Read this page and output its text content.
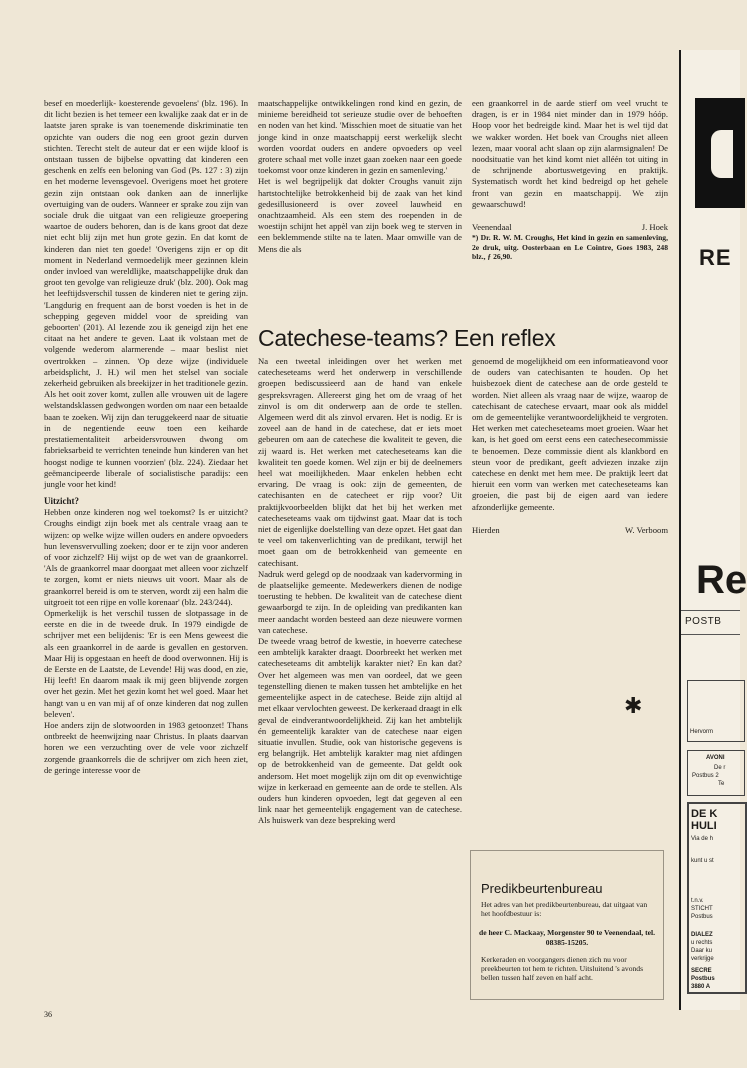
besef en moederlijk- koesterende gevoelens' (blz. 196). In dit licht bezien is het temeer een kwalijke zaak dat er in de laatste jaren sprake is van toenemende diskriminatie ten opzichte van ouders die nog een groot gezin durven stichten. Terecht stelt de auteur dat er een wijde kloof is ontstaan tussen de bijbelse opvatting dat kinderen een geschenk en zelfs een beloning van God (Ps. 127 : 3) zijn en het moderne levensgevoel. Overigens moet het grotere gezin zijn ontstaan ook danken aan de innerlijke overtuiging van de ouders. Wanneer er sprake zou zijn van sociale druk die uitgaat van een religieuze groepering waartoe de ouders behoren, dan is de kans groot dat deze niet echt blij zijn met hun grote gezin. En dat komt de kinderen dan niet ten goede! 'Overigens zijn er op dit moment in Nederland vermoedelijk meer gezinnen klein onder invloed van wereldlijke, maatschappelijke druk dan groot ten gevolge van religieuze druk' (blz. 200). Ook mag het leeftijdsverschil tussen de kinderen niet te gering zijn. 'Langdurig en frequent aan de borst voeden is het in de schepping gegeven middel voor de spreiding van geboorten' (201). Al lezende zou ik geneigd zijn het ene citaat na het andere te geven. Laat ik volstaan met de volgende wederom alarmerende – maar beslist niet overtrokken – zinnen. 'Op deze wijze (individuele arbeidsplicht, J. H.) wil men het stelsel van sociale zekerheid gebruiken als breekijzer in het traditionele gezin. Als het ooit zover komt, zullen alle vrouwen uit de lagere welstandsklassen gedwongen worden om naar een betaalde baan te zoeken. Wij zijn dan teruggekeerd naar de situatie in de negentiende eeuw toen een keiharde prestatiementaliteit arbeidersvrouwen dwong om fabrieksarbeid te verrichten teneinde hun kinderen van het hoogst nodige te kunnen voorzien' (blz. 224). Ziedaar het geëmancipeerde liberale of socialistische paradijs: een jungle voor het kind!

Uitzicht?

Hebben onze kinderen nog wel toekomst? Is er uitzicht? Croughs eindigt zijn boek met als centrale vraag aan te wijzen: op welke wijze willen ouders en andere opvoeders hun levensvervulling zoeken; door er te zijn voor anderen of voor zichzelf? Hij wijst op de wet van de graankorrel. 'Als de graankorrel maar doorgaat met alleen voor zichzelf te zorgen, komt er niets nieuws uit voort. Maar als de graankorrel bereid is om te sterven, wordt zij een halm die uitgroeit tot een rijpe en volle korenaar' (blz. 243/244).

Opmerkelijk is het verschil tussen de slotpassage in de eerste en die in de tweede druk. In 1979 eindigde de schrijver met een belijdenis: 'Er is een Mens geweest die als een graankorrel in de aarde is gevallen en gestorven. Maar Hij is opgestaan en heeft de dood overwonnen. Hij is de Eerste en de Laatste, de Levende! Hij was dood, en zie, Hij leeft! En daarom maak ik mij geen blijvende zorgen over het gezin. Met het gezin komt het wel goed. Maar het hangt van u en van mij af of onze kinderen dat nog zullen beleven'.

Hoe anders zijn de slotwoorden in 1983 getoonzet! Thans ontbreekt de heenwijzing naar Christus. In plaats daarvan horen we een verzuchting over de vele voor zichzelf zorgende graankorrels die de schrijver om zich heen ziet, de geringe interesse voor de

maatschappelijke ontwikkelingen rond kind en gezin, de minieme bereidheid tot serieuze studie over de behoeften en noden van het kind. 'Misschien moet de situatie van het jonge kind in onze maatschappij eerst werkelijk slecht worden voordat ouders en andere opvoeders op veel grotere schaal met volle inzet gaan zoeken naar een goede toekomst voor onze kinderen in gezin en samenleving.'

Het is wel begrijpelijk dat dokter Croughs vanuit zijn hartstochtelijke betrokkenheid bij de zaak van het kind gedesillusioneerd is over zoveel lauwheid en onachtzaamheid. Als een stem des roependen in de woestijn schijnt het appèl van zijn boek weg te sterven in een beklemmende stilte na te laten. Maar omwille van de Mens die als

een graankorrel in de aarde stierf om veel vrucht te dragen, is er in 1984 niet minder dan in 1979 hóóp. Hoop voor het bedreigde kind. Maar het is wel tijd dat we wakker worden. Het boek van Croughs niet alleen lezen, maar vooral acht slaan op zijn alarmsignalen! De noodsituatie van het kind komt niet alléén tot uiting in de schrijnende abortuswetgeving en praktijk. Systematisch wordt het kind bedreigd op het gehele front van gezin en maatschappij. We zijn gewaarschuwd!

Veenendaal	J. Hoek

*) Dr. R. W. M. Croughs, Het kind in gezin en samenleving, 2e druk, uitg. Oosterbaan en Le Cointre, Goes 1983, 248 blz., ƒ 26,90.

Catechese-teams? Een reflex

Na een tweetal inleidingen over het werken met catecheseteams werd het onderwerp in verschillende groepen bediscussieerd aan de hand van enkele gespreksvragen. Allereerst ging het om de vraag of het zinvol is om dit onderwerp aan de orde te stellen. Algemeen werd dit als zinvol ervaren. Het is nodig. Er is zoveel aan de hand in de catechese, dat er iets moet gebeuren om aan de catechese die kwaliteit te geven, die zij waard is. Het werken met catecheseteams kan die kwaliteit ten goede komen. Wel zijn er bij de deelnemers heel wat moeilijkheden. Maar enkelen hebben echt ervaring. De vraag is ook: zijn de gemeenten, de catechisanten en de catecheet er rijp voor? Uit praktijkvoorbeelden blijkt dat het bij het werken met catecheseteams vaak om tijdwinst gaat. Maar dat is toch niet de eigenlijke doelstelling van deze opzet. Het gaat dan te veel om takenverlichting van de predikant, terwijl het moet gaan om de betrokkenheid van gemeente en catechisant.

Nadruk werd gelegd op de noodzaak van kadervorming in de plaatselijke gemeente. Medewerkers dienen de nodige toerusting te hebben. De kwaliteit van de catechese dient gewaarborgd te zijn. In de opleiding van predikanten kan meer aandacht worden besteed aan deze nieuwere vormen van catechese.

De tweede vraag betrof de kwestie, in hoeverre catechese een ambtelijk karakter draagt. Doorbreekt het werken met catecheseteams dit ambtelijk karakter niet? En kan dat? Over het algemeen was men van oordeel, dat we geen tegenstelling dienen te maken tussen het ambtelijke en het gemeentelijke aspect in de catechese. Beide zijn altijd al met elkaar vervlochten geweest. De kerkeraad draagt in elk geval de eindverantwoordelijkheid. Zij kan het ambtelijk én gemeentelijk karakter van de catechese naar eigen situatie invullen. Studie, ook van historische gegevens is erg belangrijk. Het ambtelijk karakter mag niet afdingen op de betrokkenheid van de gemeente. Dat geldt ook andersom. Het moet mogelijk zijn om dit op evenwichtige wijze in kerkeraad en gemeente aan de orde te stellen. Als ouders hun kinderen opvoeden, legt dat gegeven al een link naar het gemeentelijk engagement van de catechese. Als huiswerk van deze bespreking werd

genoemd de mogelijkheid om een informatieavond voor de ouders van catechisanten te houden. Op het huisbezoek dient de catechese aan de orde gesteld te worden. Niet alleen als vraag naar de wijze, waarop de catechisant de catechese ervaart, maar ook als middel om de gemeentelijke verantwoordelijkheid te vergroten. Het werken met catecheseteams moet groeien. Waar het kan, is het goed om eerst eens een catechesecommissie te benoemen. Deze commissie dient als klankbord en steun voor de predikant, geeft adviezen inzake zijn catechese en denkt met hem mee. De praktijk leert dat hieruit een vorm van werken met catecheseteams kan groeien, die past bij de eigen aard van iedere afzonderlijke gemeente.

Hierden	W. Verboom
✱
Predikbeurtenbureau

Het adres van het predikbeurtenbureau, dat uitgaat van het hoofdbestuur is:

de heer C. Mackaay, Morgenster 90 te Veenendaal, tel. 08385-15205.

Kerkeraden en voorgangers dienen zich nu voor preekbeurten tot hem te richten. Uitsluitend 's avonds bellen tussen half zeven en half acht.

36
RE
Re
POSTB
Hervorm
AVONI
De r
Postbus 2
Te
DE K
HULI
Via de h
kunt u st
t.n.v.
STICHT
Postbus
DIALEZ
u rechts
Daar ku
verkrijge
SECRE
Postbus
3880 A
